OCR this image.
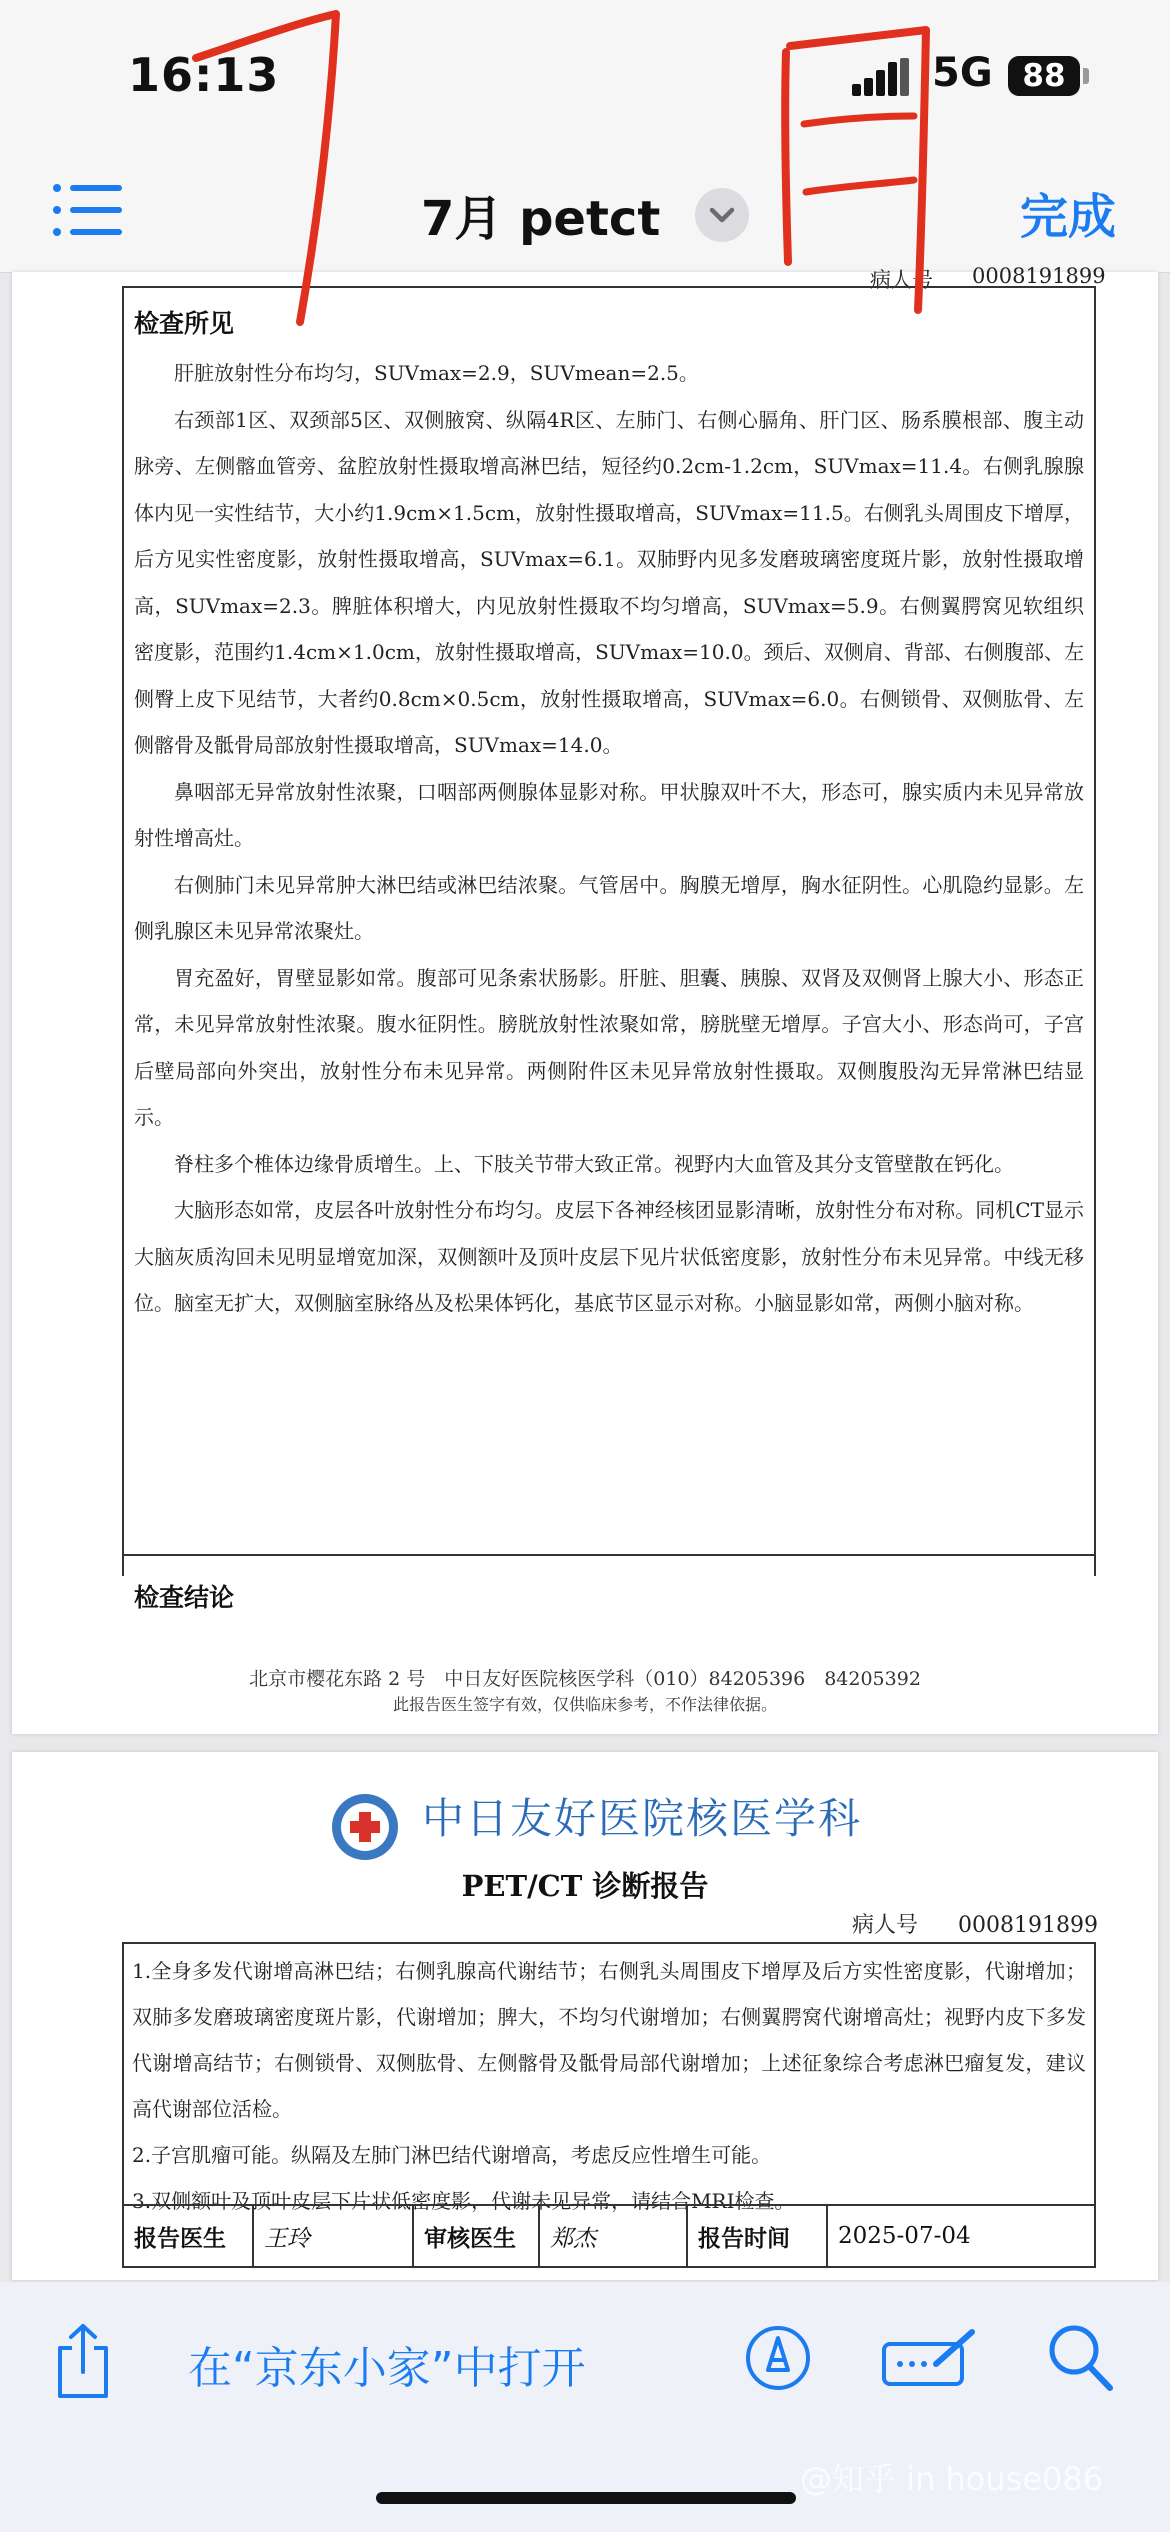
16:13	5G 88
7月 petct	完成
病人号 0008191899
检查所见

肝脏放射性分布均匀，SUVmax=2.9，SUVmean=2.5。

右颈部1区、双颈部5区、双侧腋窝、纵隔4R区、左肺门、右侧心膈角、肝门区、肠系膜根部、腹主动脉旁、左侧髂血管旁、盆腔放射性摄取增高淋巴结，短径约0.2cm-1.2cm，SUVmax=11.4。右侧乳腺腺体内见一实性结节，大小约1.9cm×1.5cm，放射性摄取增高，SUVmax=11.5。右侧乳头周围皮下增厚，后方见实性密度影，放射性摄取增高，SUVmax=6.1。双肺野内见多发磨玻璃密度斑片影，放射性摄取增高，SUVmax=2.3。脾脏体积增大，内见放射性摄取不均匀增高，SUVmax=5.9。右侧翼腭窝见软组织密度影，范围约1.4cm×1.0cm，放射性摄取增高，SUVmax=10.0。颈后、双侧肩、背部、右侧腹部、左侧臀上皮下见结节，大者约0.8cm×0.5cm，放射性摄取增高，SUVmax=6.0。右侧锁骨、双侧肱骨、左侧髂骨及骶骨局部放射性摄取增高，SUVmax=14.0。

鼻咽部无异常放射性浓聚，口咽部两侧腺体显影对称。甲状腺双叶不大，形态可，腺实质内未见异常放射性增高灶。

右侧肺门未见异常肿大淋巴结或淋巴结浓聚。气管居中。胸膜无增厚，胸水征阴性。心肌隐约显影。左侧乳腺区未见异常浓聚灶。

胃充盈好，胃壁显影如常。腹部可见条索状肠影。肝脏、胆囊、胰腺、双肾及双侧肾上腺大小、形态正常，未见异常放射性浓聚。腹水征阴性。膀胱放射性浓聚如常，膀胱壁无增厚。子宫大小、形态尚可，子宫后壁局部向外突出，放射性分布未见异常。两侧附件区未见异常放射性摄取。双侧腹股沟无异常淋巴结显示。

脊柱多个椎体边缘骨质增生。上、下肢关节带大致正常。视野内大血管及其分支管壁散在钙化。

大脑形态如常，皮层各叶放射性分布均匀。皮层下各神经核团显影清晰，放射性分布对称。同机CT显示大脑灰质沟回未见明显增宽加深，双侧额叶及顶叶皮层下见片状低密度影，放射性分布未见异常。中线无移位。脑室无扩大，双侧脑室脉络丛及松果体钙化，基底节区显示对称。小脑显影如常，两侧小脑对称。

检查结论
北京市樱花东路 2 号　中日友好医院核医学科（010）84205396　84205392
此报告医生签字有效，仅供临床参考，不作法律依据。
中日友好医院核医学科
PET/CT 诊断报告
病人号 0008191899

1.全身多发代谢增高淋巴结；右侧乳腺高代谢结节；右侧乳头周围皮下增厚及后方实性密度影，代谢增加；双肺多发磨玻璃密度斑片影，代谢增加；脾大，不均匀代谢增加；右侧翼腭窝代谢增高灶；视野内皮下多发代谢增高结节；右侧锁骨、双侧肱骨、左侧髂骨及骶骨局部代谢增加；上述征象综合考虑淋巴瘤复发，建议高代谢部位活检。

2.子宫肌瘤可能。纵隔及左肺门淋巴结代谢增高，考虑反应性增生可能。

3.双侧额叶及顶叶皮层下片状低密度影，代谢未见异常，请结合MRI检查。

报告医生	王玲	审核医生	郑杰	报告时间	2025-07-04
在“京东小家”中打开
@知乎 in house086
